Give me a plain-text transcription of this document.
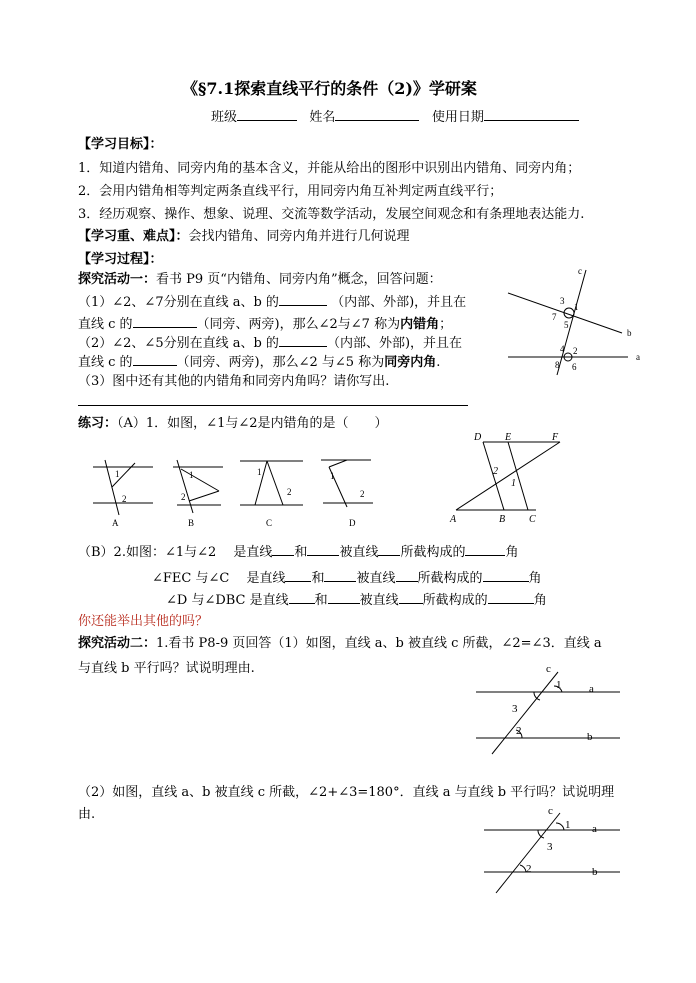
《§7.1探索直线平行的条件（2)》学研案
班级	姓名	使用日期
【学习目标】：
1．知道内错角、同旁内角的基本含义，并能从给出的图形中识别出内错角、同旁内角；
2．会用内错角相等判定两条直线平行，用同旁内角互补判定两直线平行；
3．经历观察、操作、想象、说理、交流等数学活动，发展空间观念和有条理地表达能力.
【学习重、难点】：会找内错角、同旁内角并进行几何说理
【学习过程】：
探究活动一：看书 P9 页“内错角、同旁内角”概念，回答问题：
（1）∠2、∠7分别在直线 a、b 的	（内部、外部)，并且在
直线 c 的	（同旁、两旁)，那么∠2与∠7 称为内错角；
（2）∠2、∠5分别在直线 a、b 的	（内部、外部)，并且在
直线 c 的	（同旁、两旁)，那么∠2 与∠5 称为同旁内角.
（3）图中还有其他的内错角和同旁内角吗？请你写出.
c
b
a
3
1
7
5
4 2
8 6
练习：（A）1．如图，∠1与∠2是内错角的是（　　）
1
2
A
1
2
B
1
2
C
1
2
D
D E	F
A	B C
2
1
（B）2.如图：∠1与∠2　 是直线 和 被直线 所截构成的	角
∠FEC 与∠C　 是直线 和 被直线 所截构成的	角
∠D 与∠DBC 是直线 和 被直线 所截构成的	角
你还能举出其他的吗？
探究活动二：1.看书 P8-9 页回答（1）如图，直线 a、b 被直线 c 所截，∠2=∠3．直线 a
与直线 b 平行吗？试说明理由.	c
a
b
1
3
2
（2）如图，直线 a、b 被直线 c 所截，∠2+∠3=180°．直线 a 与直线 b 平行吗？试说明理
由.	c
a
b
1
3
2
